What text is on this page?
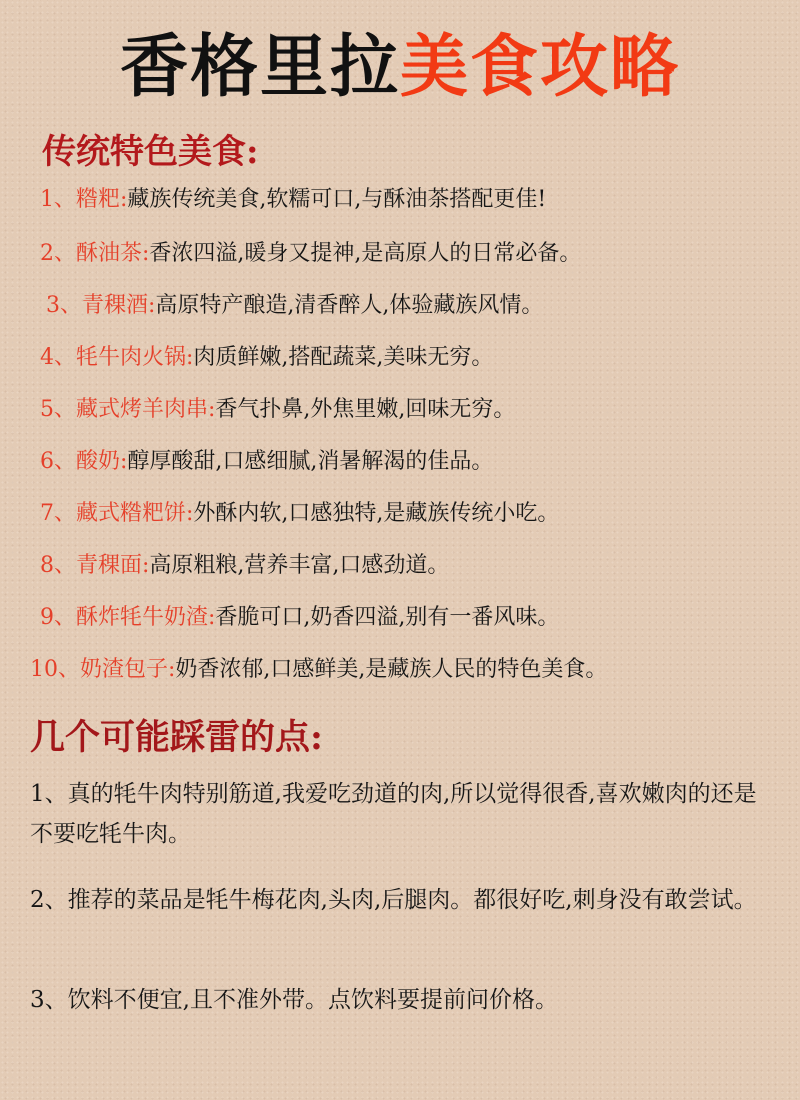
香格里拉美食攻略
传统特色美食:
1、糌粑:藏族传统美食,软糯可口,与酥油茶搭配更佳!
2、酥油茶:香浓四溢,暖身又提神,是高原人的日常必备。
3、青稞酒:高原特产酿造,清香醉人,体验藏族风情。
4、牦牛肉火锅:肉质鲜嫩,搭配蔬菜,美味无穷。
5、藏式烤羊肉串:香气扑鼻,外焦里嫩,回味无穷。
6、酸奶:醇厚酸甜,口感细腻,消暑解渴的佳品。
7、藏式糌粑饼:外酥内软,口感独特,是藏族传统小吃。
8、青稞面:高原粗粮,营养丰富,口感劲道。
9、酥炸牦牛奶渣:香脆可口,奶香四溢,别有一番风味。
10、奶渣包子:奶香浓郁,口感鲜美,是藏族人民的特色美食。
几个可能踩雷的点:
1、真的牦牛肉特别筋道,我爱吃劲道的肉,所以觉得很香,喜欢嫩肉的还是不要吃牦牛肉。
2、推荐的菜品是牦牛梅花肉,头肉,后腿肉。都很好吃,刺身没有敢尝试。
3、饮料不便宜,且不准外带。点饮料要提前问价格。
